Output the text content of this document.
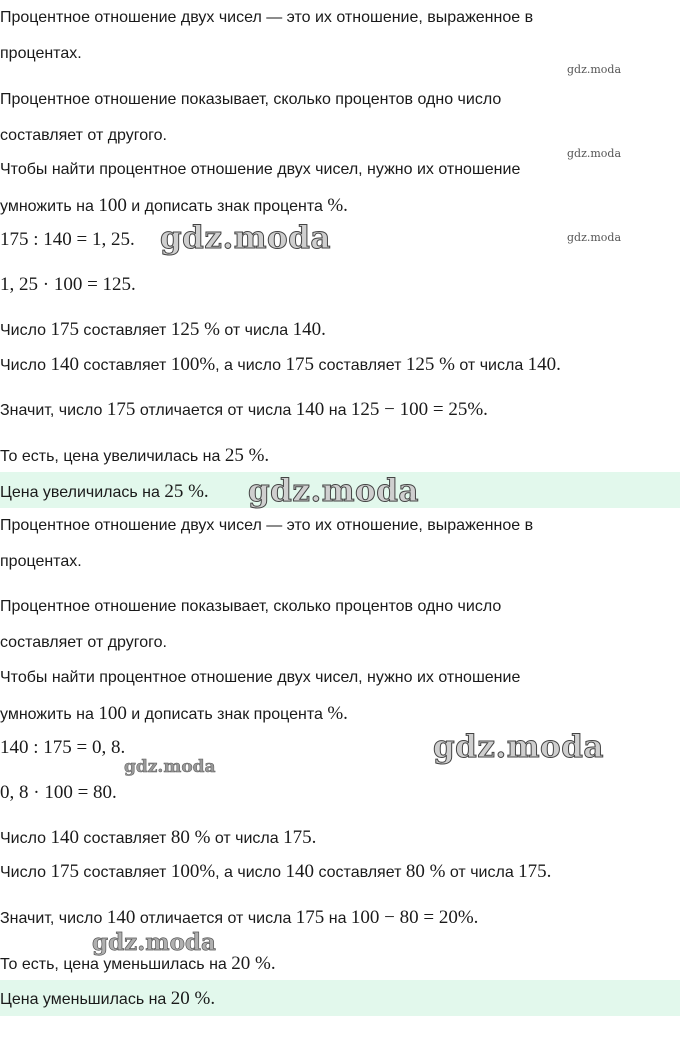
Процентное отношение двух чисел — это их отношение, выраженное в
процентах.
gdz.moda
Процентное отношение показывает, сколько процентов одно число
составляет от другого.
gdz.moda
Чтобы найти процентное отношение двух чисел, нужно их отношение
умножить на 100 и дописать знак процента %.
175 : 140 = 1, 25. gdz.moda	gdz.moda
1, 25 · 100 = 125.
Число 175 составляет 125 % от числа 140.
Число 140 составляет 100%, а число 175 составляет 125 % от числа 140.
Значит, число 175 отличается от числа 140 на 125 − 100 = 25%.
То есть, цена увеличилась на 25 %.
Цена увеличилась на 25 %. gdz.moda
Процентное отношение двух чисел — это их отношение, выраженное в
процентах.
Процентное отношение показывает, сколько процентов одно число
составляет от другого.
Чтобы найти процентное отношение двух чисел, нужно их отношение
умножить на 100 и дописать знак процента %.
140 : 175 = 0, 8.	gdz.moda
gdz.moda
0, 8 · 100 = 80.
Число 140 составляет 80 % от числа 175.
Число 175 составляет 100%, а число 140 составляет 80 % от числа 175.
Значит, число 140 отличается от числа 175 на 100 − 80 = 20%.
gdz.moda
То есть, цена уменьшилась на 20 %.
Цена уменьшилась на 20 %.
